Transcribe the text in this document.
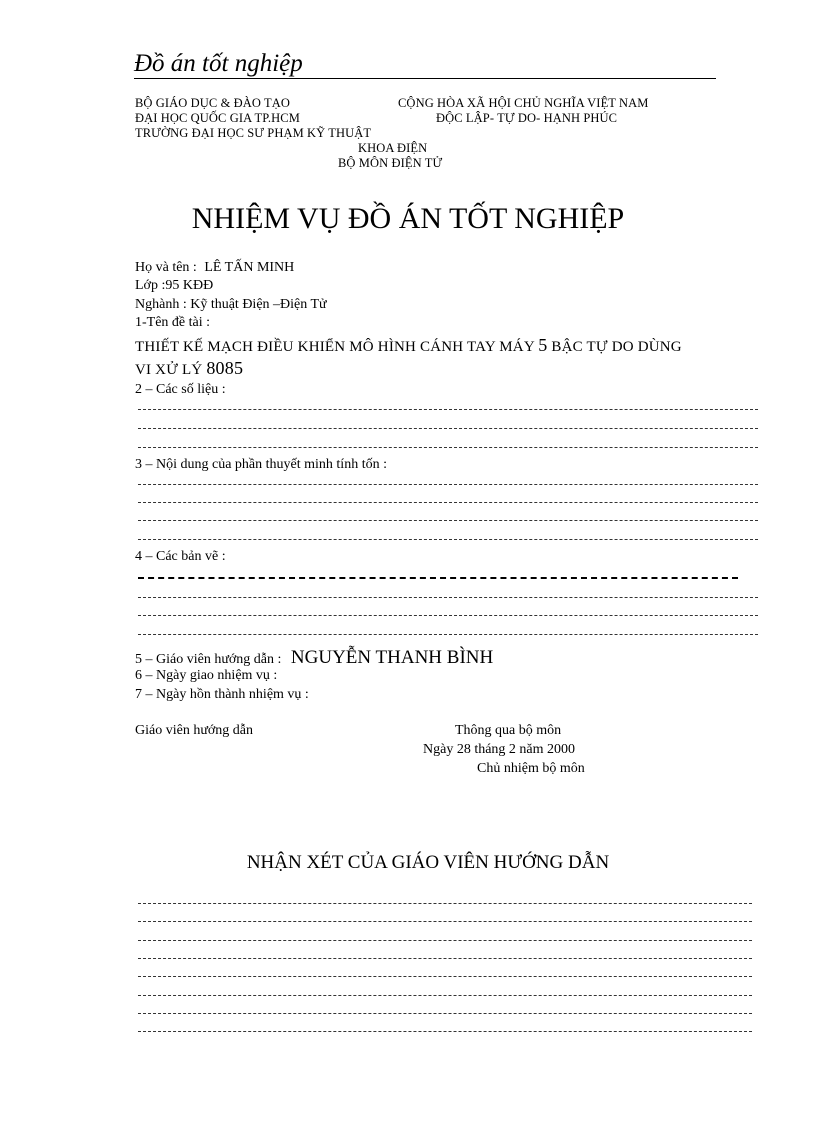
Đồ án tốt nghiệp
BỘ GIÁO DỤC & ĐÀO TẠO
ĐẠI HỌC QUỐC GIA TP.HCM
TRƯỜNG ĐẠI HỌC SƯ PHẠM KỸ THUẬT
KHOA ĐIỆN
BỘ MÔN ĐIỆN TỬ
CỘNG HÒA XÃ HỘI CHỦ NGHĨA VIỆT NAM
ĐỘC LẬP- TỰ DO- HẠNH PHÚC
NHIỆM VỤ ĐỒ ÁN TỐT NGHIỆP
Họ và tên : LÊ TẤN MINH
Lớp :95 KĐĐ
Nghành : Kỹ thuật Điện –Điện Tử
1-Tên đề tài :
THIẾT KẾ MẠCH ĐIỀU KHIỂN MÔ HÌNH CÁNH TAY MÁY 5 BẬC TỰ DO DÙNG
VI XỬ LÝ 8085
2 – Các số liệu :
3 – Nội dung của phần thuyết minh tính tốn :
4 – Các bản vẽ :
5 – Giáo viên hướng dẫn : NGUYỄN THANH BÌNH
6 – Ngày giao nhiệm vụ :
7 – Ngày hồn thành nhiệm vụ :
Giáo viên hướng dẫn	Thông qua bộ môn
Ngày 28 tháng 2 năm 2000
Chủ nhiệm bộ môn
NHẬN XÉT CỦA GIÁO VIÊN HƯỚNG DẪN
